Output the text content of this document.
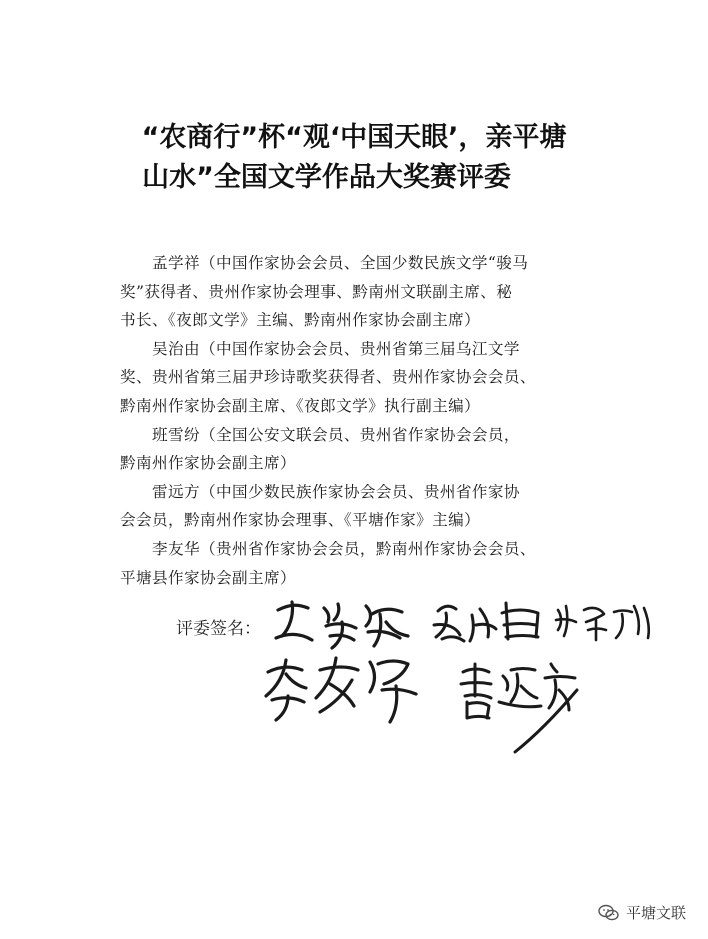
“农商行”杯“观‘中国天眼’，亲平塘
山水”全国文学作品大奖赛评委
孟学祥（中国作家协会会员、全国少数民族文学“骏马
奖”获得者、贵州作家协会理事、黔南州文联副主席、秘
书长、《夜郎文学》主编、黔南州作家协会副主席）
吴治由（中国作家协会会员、贵州省第三届乌江文学
奖、贵州省第三届尹珍诗歌奖获得者、贵州作家协会会员、
黔南州作家协会副主席、《夜郎文学》执行副主编）
班雪纷（全国公安文联会员、贵州省作家协会会员，
黔南州作家协会副主席）
雷远方（中国少数民族作家协会会员、贵州省作家协
会会员，黔南州作家协会理事、《平塘作家》主编）
李友华（贵州省作家协会会员，黔南州作家协会会员、
平塘县作家协会副主席）
评委签名：
平塘文联
